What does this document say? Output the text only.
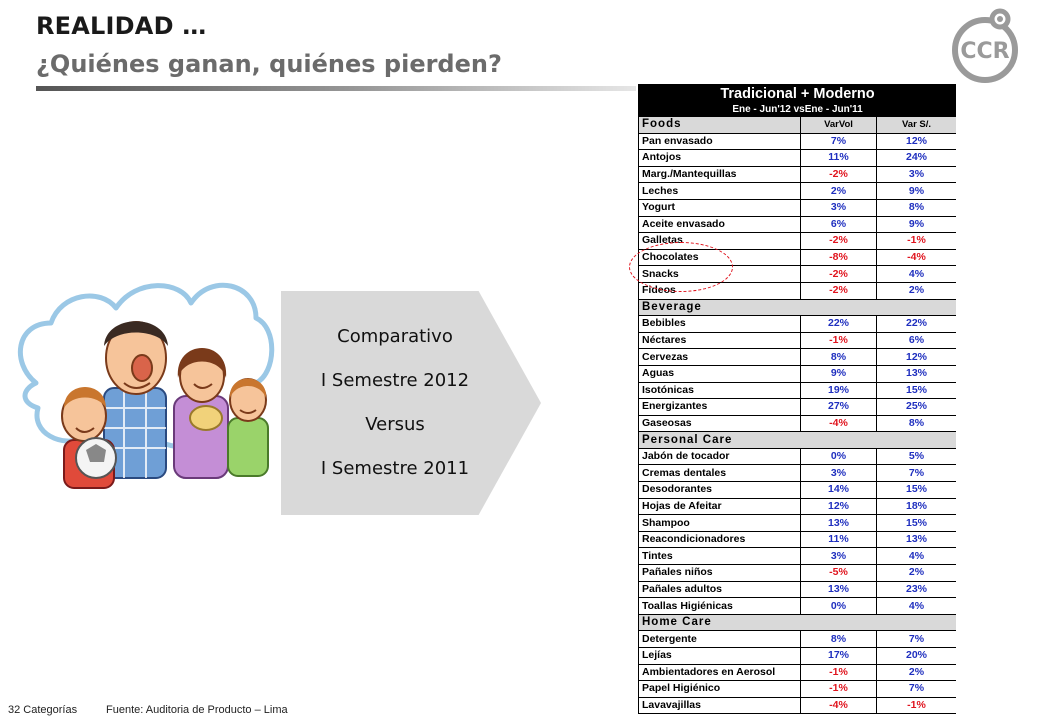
REALIDAD …
¿Quiénes ganan, quiénes pierden?	CCR
Comparativo
I Semestre 2012
Versus
I Semestre 2011
Tradicional + Moderno		
Ene - Jun'12 vsEne - Jun'11		
Foods	VarVol	Var S/.
Pan envasado	7%	12%
Antojos	11%	24%
Marg./Mantequillas	-2%	3%
Leches	2%	9%
Yogurt	3%	8%
Aceite envasado	6%	9%
Galletas	-2%	-1%
Chocolates	-8%	-4%
Snacks	-2%	4%
Fideos	-2%	2%
Beverage		
Bebibles	22%	22%
Néctares	-1%	6%
Cervezas	8%	12%
Aguas	9%	13%
Isotónicas	19%	15%
Energizantes	27%	25%
Gaseosas	-4%	8%
Personal Care		
Jabón de tocador	0%	5%
Cremas dentales	3%	7%
Desodorantes	14%	15%
Hojas de Afeitar	12%	18%
Shampoo	13%	15%
Reacondicionadores	11%	13%
Tintes	3%	4%
Pañales niños	-5%	2%
Pañales adultos	13%	23%
Toallas Higiénicas	0%	4%
Home Care		
Detergente	8%	7%
Lejías	17%	20%
Ambientadores en Aerosol	-1%	2%
Papel Higiénico	-1%	7%
Lavavajillas	-4%	-1%
32 Categorías	Fuente: Auditoria de Producto – Lima
